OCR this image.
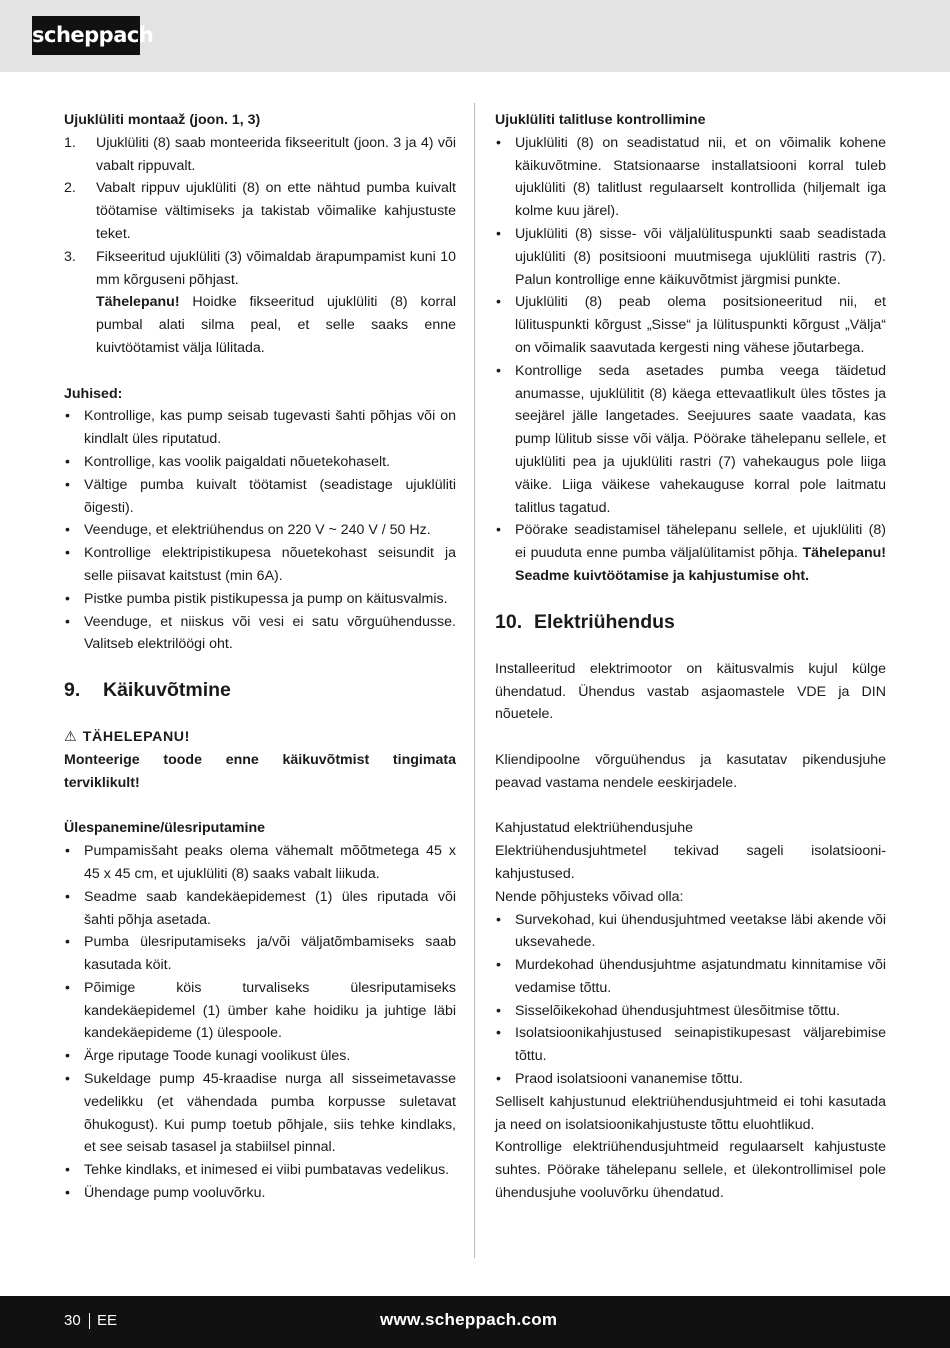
scheppach

Ujuklüliti montaaž (joon. 1, 3)

1. Ujuklüliti (8) saab monteerida fikseeritult (joon. 3 ja 4) või vabalt rippuvalt.
2. Vabalt rippuv ujuklüliti (8) on ette nähtud pumba kuivalt töötamise vältimiseks ja takistab võimalike kahjustuste teket.
3. Fikseeritud ujuklüliti (3) võimaldab ärapumpamist kuni 10 mm kõrguseni põhjast.

Tähelepanu! Hoidke fikseeritud ujuklüliti (8) korral pumbal alati silma peal, et selle saaks enne kuivtöötamist välja lülitada.

Juhised:

• Kontrollige, kas pump seisab tugevasti šahti põhjas või on kindlalt üles riputatud.
• Kontrollige, kas voolik paigaldati nõuetekohaselt.
• Vältige pumba kuivalt töötamist (seadistage ujuklüliti õigesti).
• Veenduge, et elektriühendus on 220 V ~ 240 V / 50 Hz.
• Kontrollige elektripistikupesa nõuetekohast seisundit ja selle piisavat kaitstust (min 6A).
• Pistke pumba pistik pistikupessa ja pump on käitusvalmis.
• Veenduge, et niiskus või vesi ei satu võrguühendusse. Valitseb elektrilöögi oht.
9. Käikuvõtmine

⚠ TÄHELEPANU!

Monteerige toode enne käikuvõtmist tingimata terviklikult!

Ülespanemine/ülesriputamine

• Pumpamisšaht peaks olema vähemalt mõõtmetega 45 x 45 x 45 cm, et ujuklüliti (8) saaks vabalt liikuda.
• Seadme saab kandekäepidemest (1) üles riputada või šahti põhja asetada.
• Pumba ülesriputamiseks ja/või väljatõmbamiseks saab kasutada köit.
• Põimige köis turvaliseks ülesriputamiseks kandekäepidemel (1) ümber kahe hoidiku ja juhtige läbi kandekäepideme (1) ülespoole.
• Ärge riputage Toode kunagi voolikust üles.
• Sukeldage pump 45-kraadise nurga all sisseimetavasse vedelikku (et vähendada pumba korpusse suletavat õhukogust). Kui pump toetub põhjale, siis tehke kindlaks, et see seisab tasasel ja stabiilsel pinnal.
• Tehke kindlaks, et inimesed ei viibi pumbatavas vedelikus.
• Ühendage pump vooluvõrku.

Ujuklüliti talitluse kontrollimine

• Ujuklüliti (8) on seadistatud nii, et on võimalik kohene käikuvõtmine. Statsionaarse installatsiooni korral tuleb ujuklüliti (8) talitlust regulaarselt kontrollida (hiljemalt iga kolme kuu järel).
• Ujuklüliti (8) sisse- või väljalülituspunkti saab seadistada ujuklüliti (8) positsiooni muutmisega ujuklüliti rastris (7). Palun kontrollige enne käikuvõtmist järgmisi punkte.
• Ujuklüliti (8) peab olema positsioneeritud nii, et lülituspunkti kõrgust „Sisse“ ja lülituspunkti kõrgust „Välja“ on võimalik saavutada kergesti ning vähese jõutarbega.
• Kontrollige seda asetades pumba veega täidetud anumasse, ujuklülitit (8) käega ettevaatlikult üles tõstes ja seejärel jälle langetades. Seejuures saate vaadata, kas pump lülitub sisse või välja. Pöörake tähelepanu sellele, et ujuklüliti pea ja ujuklüliti rastri (7) vahekaugus pole liiga väike. Liiga väikese vahekauguse korral pole laitmatu talitlus tagatud.
• Pöörake seadistamisel tähelepanu sellele, et ujuklüliti (8) ei puuduta enne pumba väljalülitamist põhja. Tähelepanu! Seadme kuivtöötamise ja kahjustumise oht.
10. Elektriühendus

Installeeritud elektrimootor on käitusvalmis kujul külge ühendatud. Ühendus vastab asjaomastele VDE ja DIN nõuetele.

Kliendipoolne võrguühendus ja kasutatav pikendusjuhe peavad vastama nendele eeskirjadele.

Kahjustatud elektriühendusjuhe

Elektriühendusjuhtmetel tekivad sageli isolatsioonikahjustused.

Nende põhjusteks võivad olla:

• Survekohad, kui ühendusjuhtmed veetakse läbi akende või uksevahede.
• Murdekohad ühendusjuhtme asjatundmatu kinnitamise või vedamise tõttu.
• Sisselõikekohad ühendusjuhtmest ülesõitmise tõttu.
• Isolatsioonikahjustused seinapistikupesast väljarebimise tõttu.
• Praod isolatsiooni vananemise tõttu.

Selliselt kahjustunud elektriühendusjuhtmeid ei tohi kasutada ja need on isolatsioonikahjustuste tõttu eluohtlikud.

Kontrollige elektriühendusjuhtmeid regulaarselt kahjustuste suhtes. Pöörake tähelepanu sellele, et ülekontrollimisel pole ühendusjuhe vooluvõrku ühendatud.

30 EE	www.scheppach.com
